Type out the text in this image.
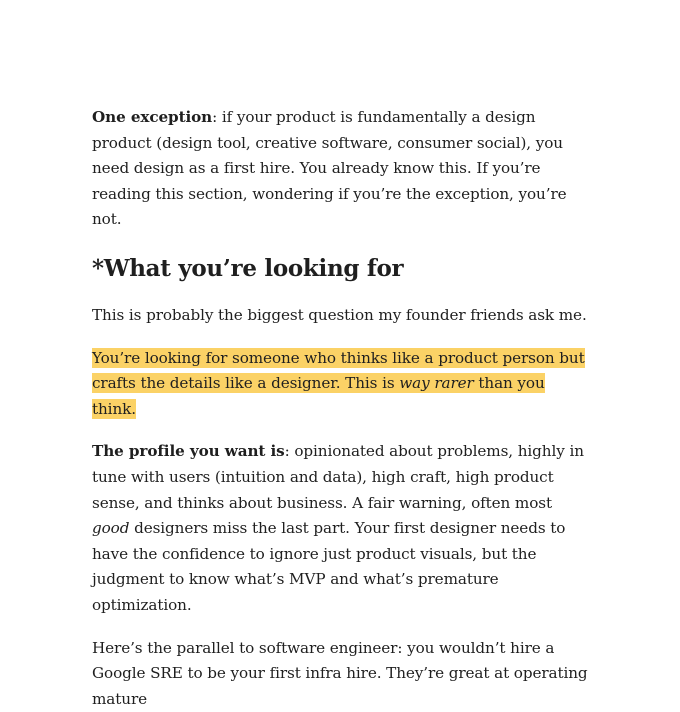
One exception: if your product is fundamentally a design product (design tool, creative software, consumer social), you need design as a first hire. You already know this. If you’re reading this section, wondering if you’re the exception, you’re not.

*What you’re looking for

This is probably the biggest question my founder friends ask me.

You’re looking for someone who thinks like a product person but crafts the details like a designer. This is way rarer than you think.

The profile you want is: opinionated about problems, highly in tune with users (intuition and data), high craft, high product sense, and thinks about business. A fair warning, often most good designers miss the last part. Your first designer needs to have the confidence to ignore just product visuals, but the judgment to know what’s MVP and what’s premature optimization.

Here’s the parallel to software engineer: you wouldn’t hire a Google SRE to be your first infra hire. They’re great at operating mature
